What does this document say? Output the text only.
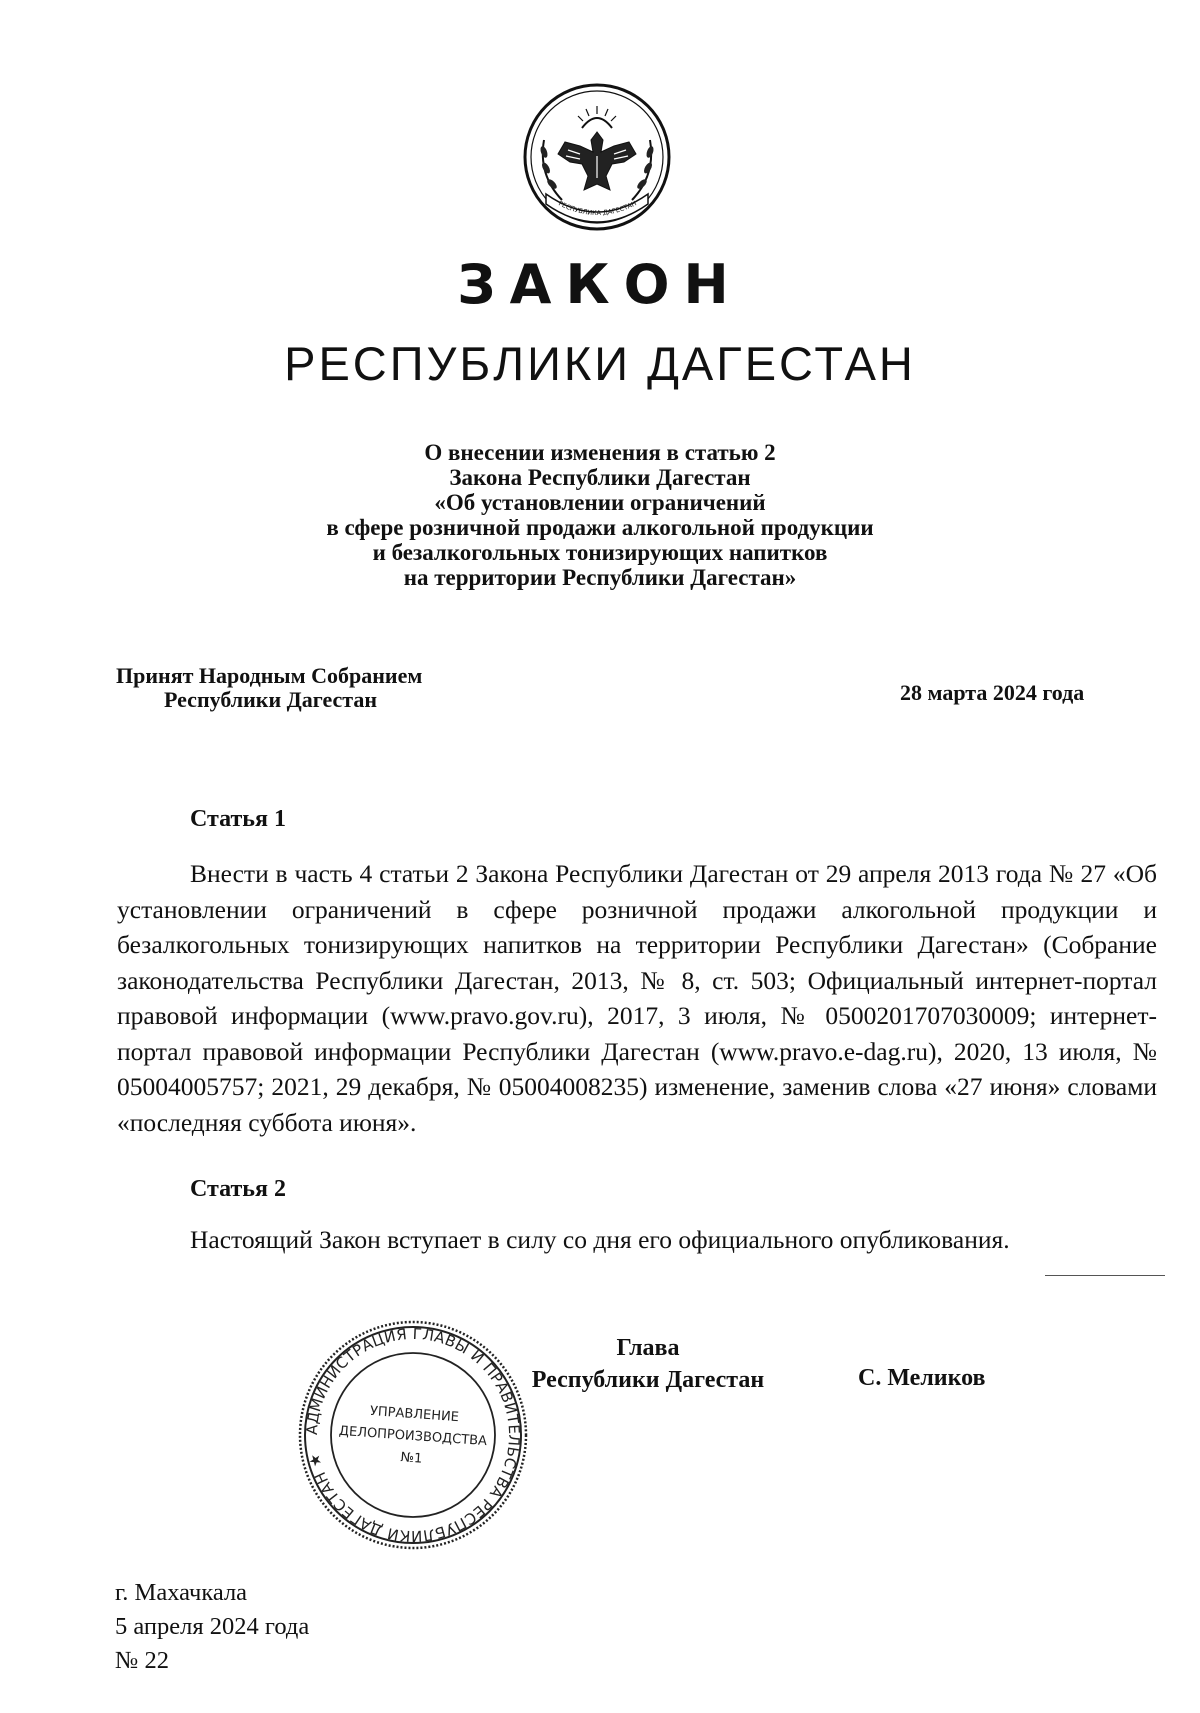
РЕСПУБЛИКА ДАГЕСТАН
ЗАКОН
РЕСПУБЛИКИ ДАГЕСТАН
О внесении изменения в статью 2
Закона Республики Дагестан
«Об установлении ограничений
в сфере розничной продажи алкогольной продукции
и безалкогольных тонизирующих напитков
на территории Республики Дагестан»
Принят Народным Собранием
Республики Дагестан	28 марта 2024 года
Статья 1
Внести в часть 4 статьи 2 Закона Республики Дагестан от 29 апреля 2013 года № 27 «Об установлении ограничений в сфере розничной продажи алкогольной продукции и безалкогольных тонизирующих напитков на территории Республики Дагестан» (Собрание законодательства Республики Дагестан, 2013, № 8, ст. 503; Официальный интернет-портал правовой информации (www.pravo.gov.ru), 2017, 3 июля, № 0500201707030009; интернет-портал правовой информации Республики Дагестан (www.pravo.e-dag.ru), 2020, 13 июля, № 05004005757; 2021, 29 декабря, № 05004008235) изменение, заменив слова «27 июня» словами «последняя суббота июня».
Статья 2
Настоящий Закон вступает в силу со дня его официального опубликования.
АДМИНИСТРАЦИЯ ГЛАВЫ И ПРАВИТЕЛЬСТВА РЕСПУБЛИКИ ДАГЕСТАН ★
УПРАВЛЕНИЕ
ДЕЛОПРОИЗВОДСТВА
№1
Глава
Республики Дагестан	С. Меликов
г. Махачкала
5 апреля 2024 года
№ 22
